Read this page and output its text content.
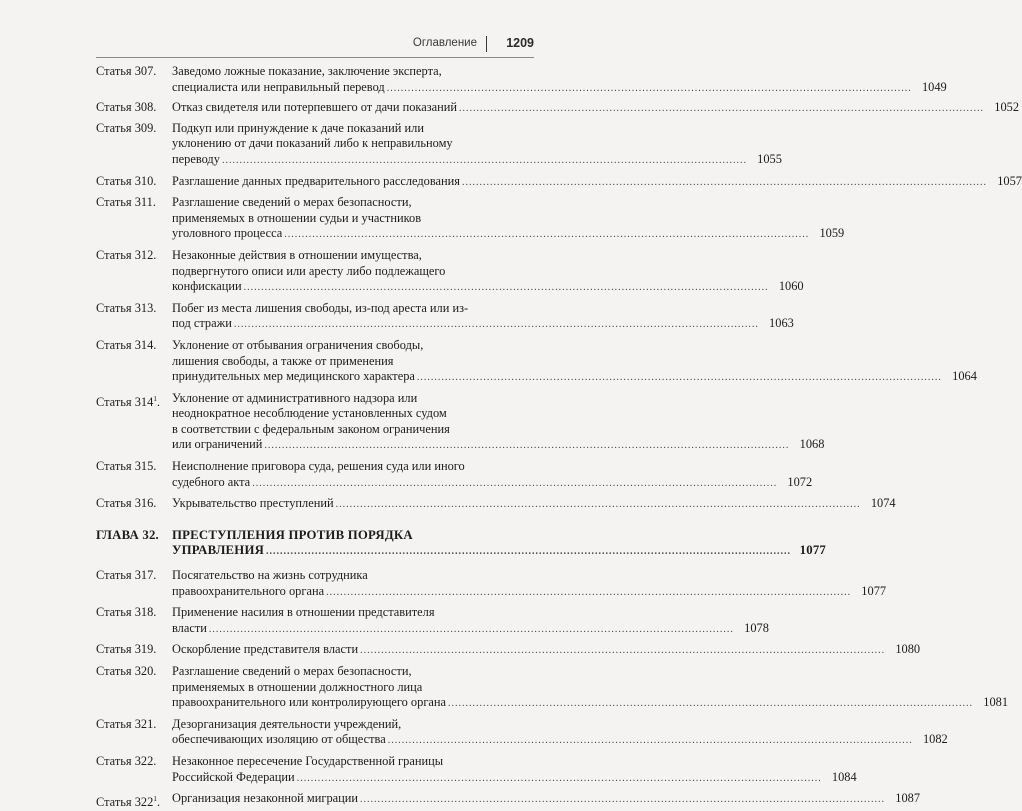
Оглавление 1209
Статья 307.	Заведомо ложные показание, заключение эксперта,
специалиста или неправильный перевод .....	1049
Статья 308.	Отказ свидетеля или потерпевшего от дачи показаний .....	1052
Статья 309.	Подкуп или принуждение к даче показаний или
уклонению от дачи показаний либо к неправильному
переводу .....	1055
Статья 310.	Разглашение данных предварительного расследования .....	1057
Статья 311.	Разглашение сведений о мерах безопасности,
применяемых в отношении судьи и участников
уголовного процесса .....	1059
Статья 312.	Незаконные действия в отношении имущества,
подвергнутого описи или аресту либо подлежащего
конфискации .....	1060
Статья 313.	Побег из места лишения свободы, из-под ареста или из-
под стражи .....	1063
Статья 314.	Уклонение от отбывания ограничения свободы,
лишения свободы, а также от применения
принудительных мер медицинского характера .....	1064
Статья $314^1$. Уклонение от административного надзора или
неоднократное несоблюдение установленных судом
в соответствии с федеральным законом ограничения
или ограничений .....	1068
Статья 315.	Неисполнение приговора суда, решения суда или иного
судебного акта .....	1072
Статья 316.	Укрывательство преступлений .....	1074
ГЛАВА 32.	ПРЕСТУПЛЕНИЯ ПРОТИВ ПОРЯДКА
УПРАВЛЕНИЯ .....	1077
Статья 317.	Посягательство на жизнь сотрудника
правоохранительного органа .....	1077
Статья 318.	Применение насилия в отношении представителя
власти .....	1078
Статья 319.	Оскорбление представителя власти .....	1080
Статья 320.	Разглашение сведений о мерах безопасности,
применяемых в отношении должностного лица
правоохранительного или контролирующего органа .....	1081
Статья 321.	Дезорганизация деятельности учреждений,
обеспечивающих изоляцию от общества .....	1082
Статья 322.	Незаконное пересечение Государственной границы
Российской Федерации .....	1084
Статья $322^1$. Организация незаконной миграции .....	1087
